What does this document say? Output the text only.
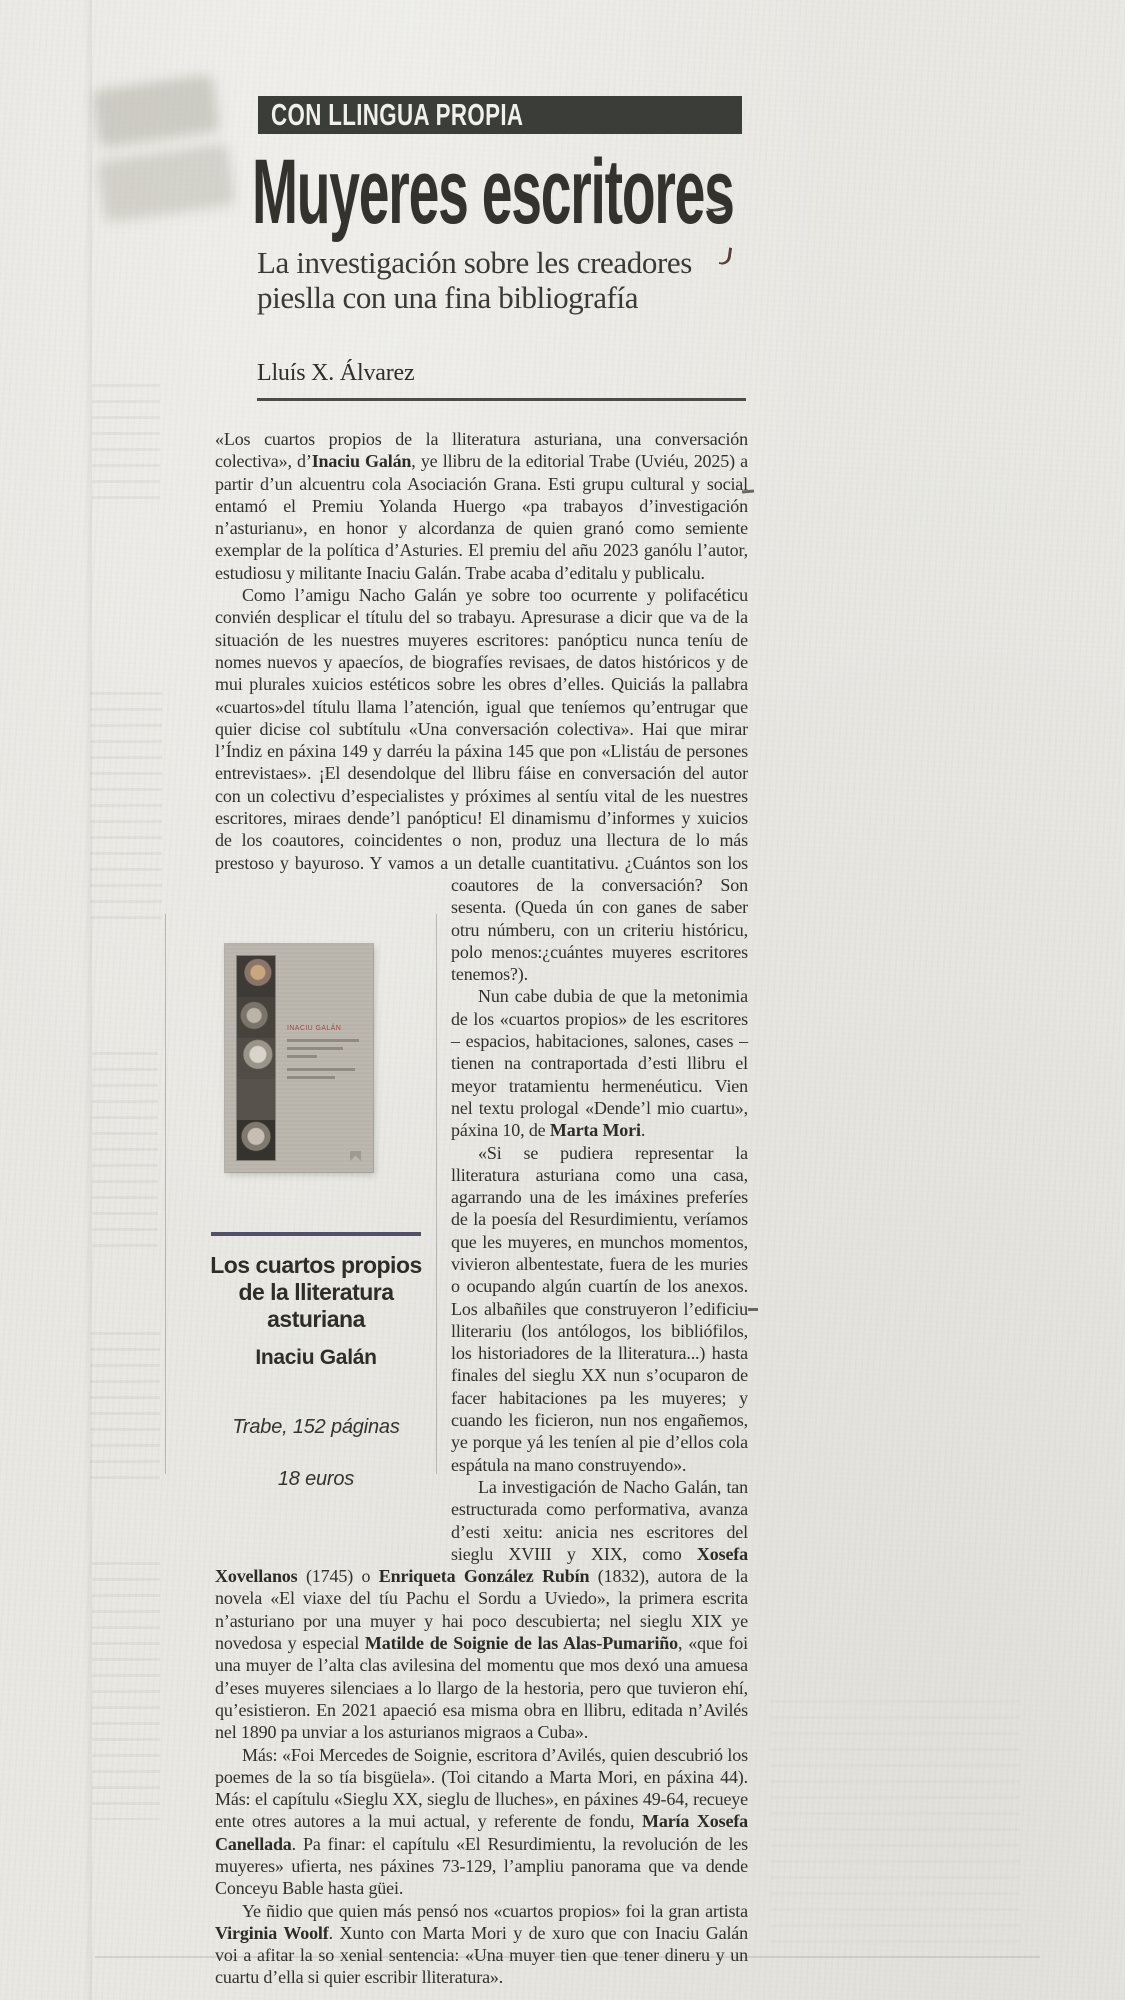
CON LLINGUA PROPIA
Muyeres escritores
La investigación sobre les creadores
pieslla con una fina bibliografía
Lluís X. Álvarez

«Los cuartos propios de la lliteratura asturiana, una conversación colectiva», d’Inaciu Galán, ye llibru de la editorial Trabe (Uviéu, 2025) a partir d’un alcuentru cola Asociación Grana. Esti grupu cultural y social entamó el Premiu Yolanda Huergo «pa trabayos d’investigación n’asturianu», en honor y alcordanza de quien granó como semiente exemplar de la política d’Asturies. El premiu del añu 2023 ganólu l’autor, estudiosu y militante Inaciu Galán. Trabe acaba d’editalu y publicalu.

Como l’amigu Nacho Galán ye sobre too ocurrente y polifacéticu convién desplicar el títulu del so trabayu. Apresurase a dicir que va de la situación de les nuestres muyeres escritores: panópticu nunca teníu de nomes nuevos y apaecíos, de biografíes revisaes, de datos históricos y de mui plurales xuicios estéticos sobre les obres d’elles. Quiciás la pallabra «cuartos»del títulu llama l’atención, igual que teníemos qu’entrugar que quier dicise col subtítulu «Una conversación colectiva». Hai que mirar l’Índiz en páxina 149 y darréu la páxina 145 que pon «Llistáu de persones entrevistaes». ¡El desendolque del llibru fáise en conversación del autor con un colectivu d’especialistes y próximes al sentíu vital de les nuestres escritores, miraes dende’l panópticu! El dinamismu d’informes y xuicios de los coautores, coincidentes o non, produz una llectura de lo más prestoso y bayuroso. Y vamos a un detalle cuantitativu. ¿Cuántos son los
INACIU GALÁN
Los cuartos propios de la lliteratura asturiana
Inaciu Galán
Trabe, 152 páginas

18 euros
coautores de la conversación? Son sesenta. (Queda ún con ganes de saber otru númberu, con un criteriu históricu, polo menos:¿cuántes muyeres escritores tenemos?).

Nun cabe dubia de que la metonimia de los «cuartos propios» de les escritores – espacios, habitaciones, salones, cases – tienen na contraportada d’esti llibru el meyor tratamientu hermenéuticu. Vien nel textu prologal «Dende’l mio cuartu», páxina 10, de Marta Mori.

«Si se pudiera representar la lliteratura asturiana como una casa, agarrando una de les imáxines preferíes de la poesía del Resurdimientu, veríamos que les muyeres, en munchos momentos, vivieron albentestate, fuera de les muries o ocupando algún cuartín de los anexos. Los albañiles que construyeron l’edificiu lliterariu (los antólogos, los bibliófilos, los historiadores de la lliteratura...) hasta finales del sieglu XX nun s’ocuparon de facer habitaciones pa les muyeres; y cuando les ficieron, nun nos engañemos, ye porque yá les teníen al pie d’ellos cola espátula na mano construyendo».

La investigación de Nacho Galán, tan estructurada como performativa, avanza d’esti xeitu: anicia nes escritores del sieglu XVIII y XIX, como Xosefa Xovellanos (1745) o Enriqueta González Rubín (1832), autora de la novela «El viaxe del tíu Pachu el Sordu a Uviedo», la primera escrita n’asturiano por una muyer y hai poco descubierta; nel sieglu XIX ye novedosa y especial Matilde de Soignie de las Alas-Pumariño, «que foi una muyer de l’alta clas avilesina del momentu que mos dexó una amuesa d’eses muyeres silenciaes a lo llargo de la hestoria, pero que tuvieron ehí, qu’esistieron. En 2021 apaeció esa misma obra en llibru, editada n’Avilés nel 1890 pa unviar a los asturianos migraos a Cuba».

Más: «Foi Mercedes de Soignie, escritora d’Avilés, quien descubrió los poemes de la so tía bisgüela». (Toi citando a Marta Mori, en páxina 44). Más: el capítulu «Sieglu XX, sieglu de lluches», en páxines 49-64, recueye ente otres autores a la mui actual, y referente de fondu, María Xosefa Canellada. Pa finar: el capítulu «El Resurdimientu, la revolución de les muyeres» ufierta, nes páxines 73-129, l’ampliu panorama que va dende Conceyu Bable hasta güei.

Ye ñidio que quien más pensó nos «cuartos propios» foi la gran artista Virginia Woolf. Xunto con Marta Mori y de xuro que con Inaciu Galán voi a afitar la so xenial sentencia: «Una muyer tien que tener dineru y un cuartu d’ella si quier escribir lliteratura».
